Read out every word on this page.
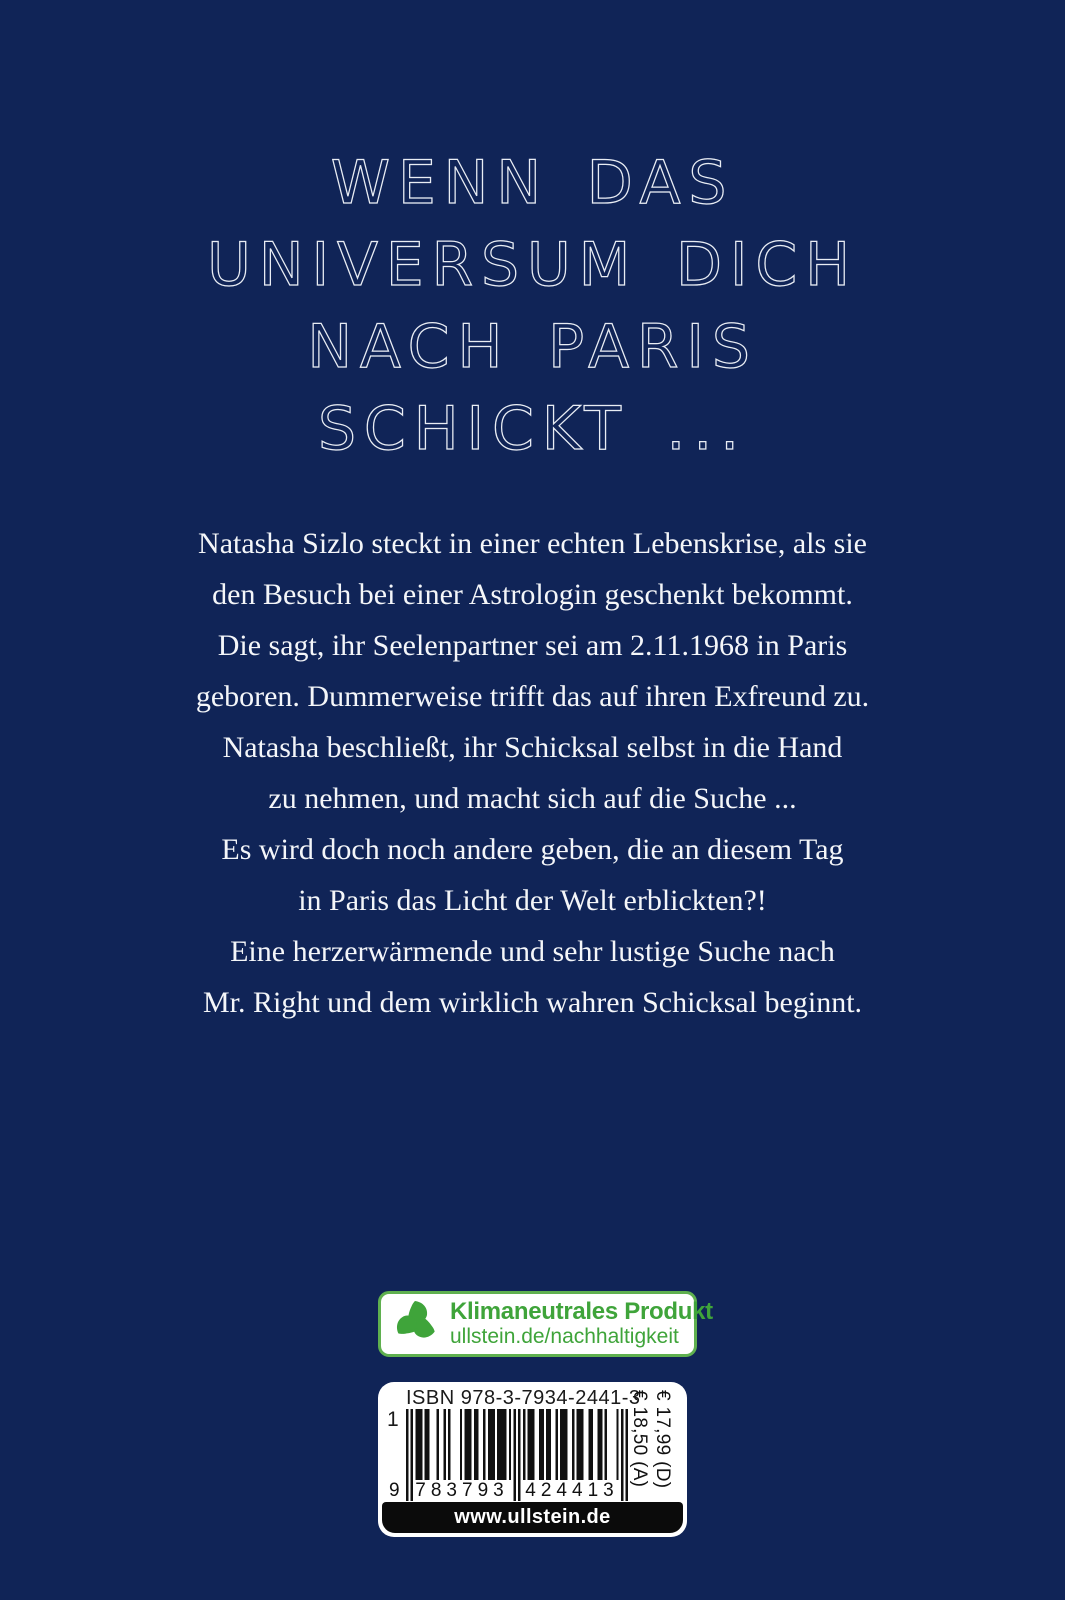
WENN DAS
UNIVERSUM DICH
NACH PARIS
SCHICKT ...
Natasha Sizlo steckt in einer echten Lebenskrise, als sie
den Besuch bei einer Astrologin geschenkt bekommt.
Die sagt, ihr Seelenpartner sei am 2.11.1968 in Paris
geboren. Dummerweise trifft das auf ihren Exfreund zu.
Natasha beschließt, ihr Schicksal selbst in die Hand
zu nehmen, und macht sich auf die Suche ...
Es wird doch noch andere geben, die an diesem Tag
in Paris das Licht der Welt erblickten?!
Eine herzerwärmende und sehr lustige Suche nach
Mr. Right und dem wirklich wahren Schicksal beginnt.
Klimaneutrales Produkt
ullstein.de/nachhaltigkeit
ISBN 978-3-7934-2441-3
1
9 783793 424413
€ 17,99 (D)
€ 18,50 (A)
www.ullstein.de
